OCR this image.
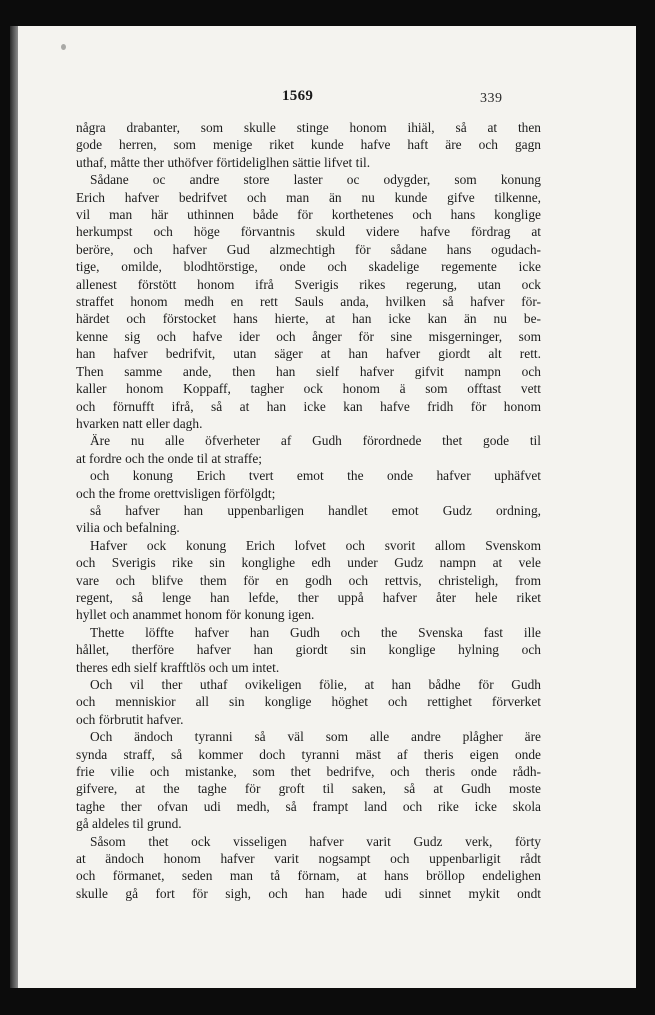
1569	339
några drabanter, som skulle stinge honom ihiäl, så at then
gode herren, som menige riket kunde hafve haft äre och gagn
uthaf, måtte ther uthöfver förtideliglhen sättie lifvet til.
Sådane oc andre store laster oc odygder, som konung
Erich hafver bedrifvet och man än nu kunde gifve tilkenne,
vil man här uthinnen både för korthetenes och hans konglige
herkumpst och höge förvantnis skuld videre hafve fördrag at
beröre, och hafver Gud alzmechtigh för sådane hans ogudach-
tige, omilde, blodhtörstige, onde och skadelige regemente icke
allenest förstött honom ifrå Sverigis rikes regerung, utan ock
straffet honom medh en rett Sauls anda, hvilken så hafver för-
härdet och förstocket hans hierte, at han icke kan än nu be-
kenne sig och hafve ider och ånger för sine misgerninger, som
han hafver bedrifvit, utan säger at han hafver giordt alt rett.
Then samme ande, then han sielf hafver gifvit nampn och
kaller honom Koppaff, tagher ock honom ä som offtast vett
och förnufft ifrå, så at han icke kan hafve fridh för honom
hvarken natt eller dagh.
Äre nu alle öfverheter af Gudh förordnede thet gode til
at fordre och the onde til at straffe;
och konung Erich tvert emot the onde hafver uphäfvet
och the frome orettvisligen förfölgdt;
så hafver han uppenbarligen handlet emot Gudz ordning,
vilia och befalning.
Hafver ock konung Erich lofvet och svorit allom Svenskom
och Sverigis rike sin konglighe edh under Gudz nampn at vele
vare och blifve them för en godh och rettvis, christeligh, from
regent, så lenge han lefde, ther uppå hafver åter hele riket
hyllet och anammet honom för konung igen.
Thette löffte hafver han Gudh och the Svenska fast ille
hållet, therföre hafver han giordt sin konglige hylning och
theres edh sielf krafftlös och um intet.
Och vil ther uthaf ovikeligen fölie, at han bådhe för Gudh
och menniskior all sin konglige höghet och rettighet förverket
och förbrutit hafver.
Och ändoch tyranni så väl som alle andre plågher äre
synda straff, så kommer doch tyranni mäst af theris eigen onde
frie vilie och mistanke, som thet bedrifve, och theris onde rådh-
gifvere, at the taghe för groft til saken, så at Gudh moste
taghe ther ofvan udi medh, så frampt land och rike icke skola
gå aldeles til grund.
Såsom thet ock visseligen hafver varit Gudz verk, förty
at ändoch honom hafver varit nogsampt och uppenbarligit rådt
och förmanet, seden man tå förnam, at hans bröllop endelighen
skulle gå fort för sigh, och han hade udi sinnet mykit ondt
